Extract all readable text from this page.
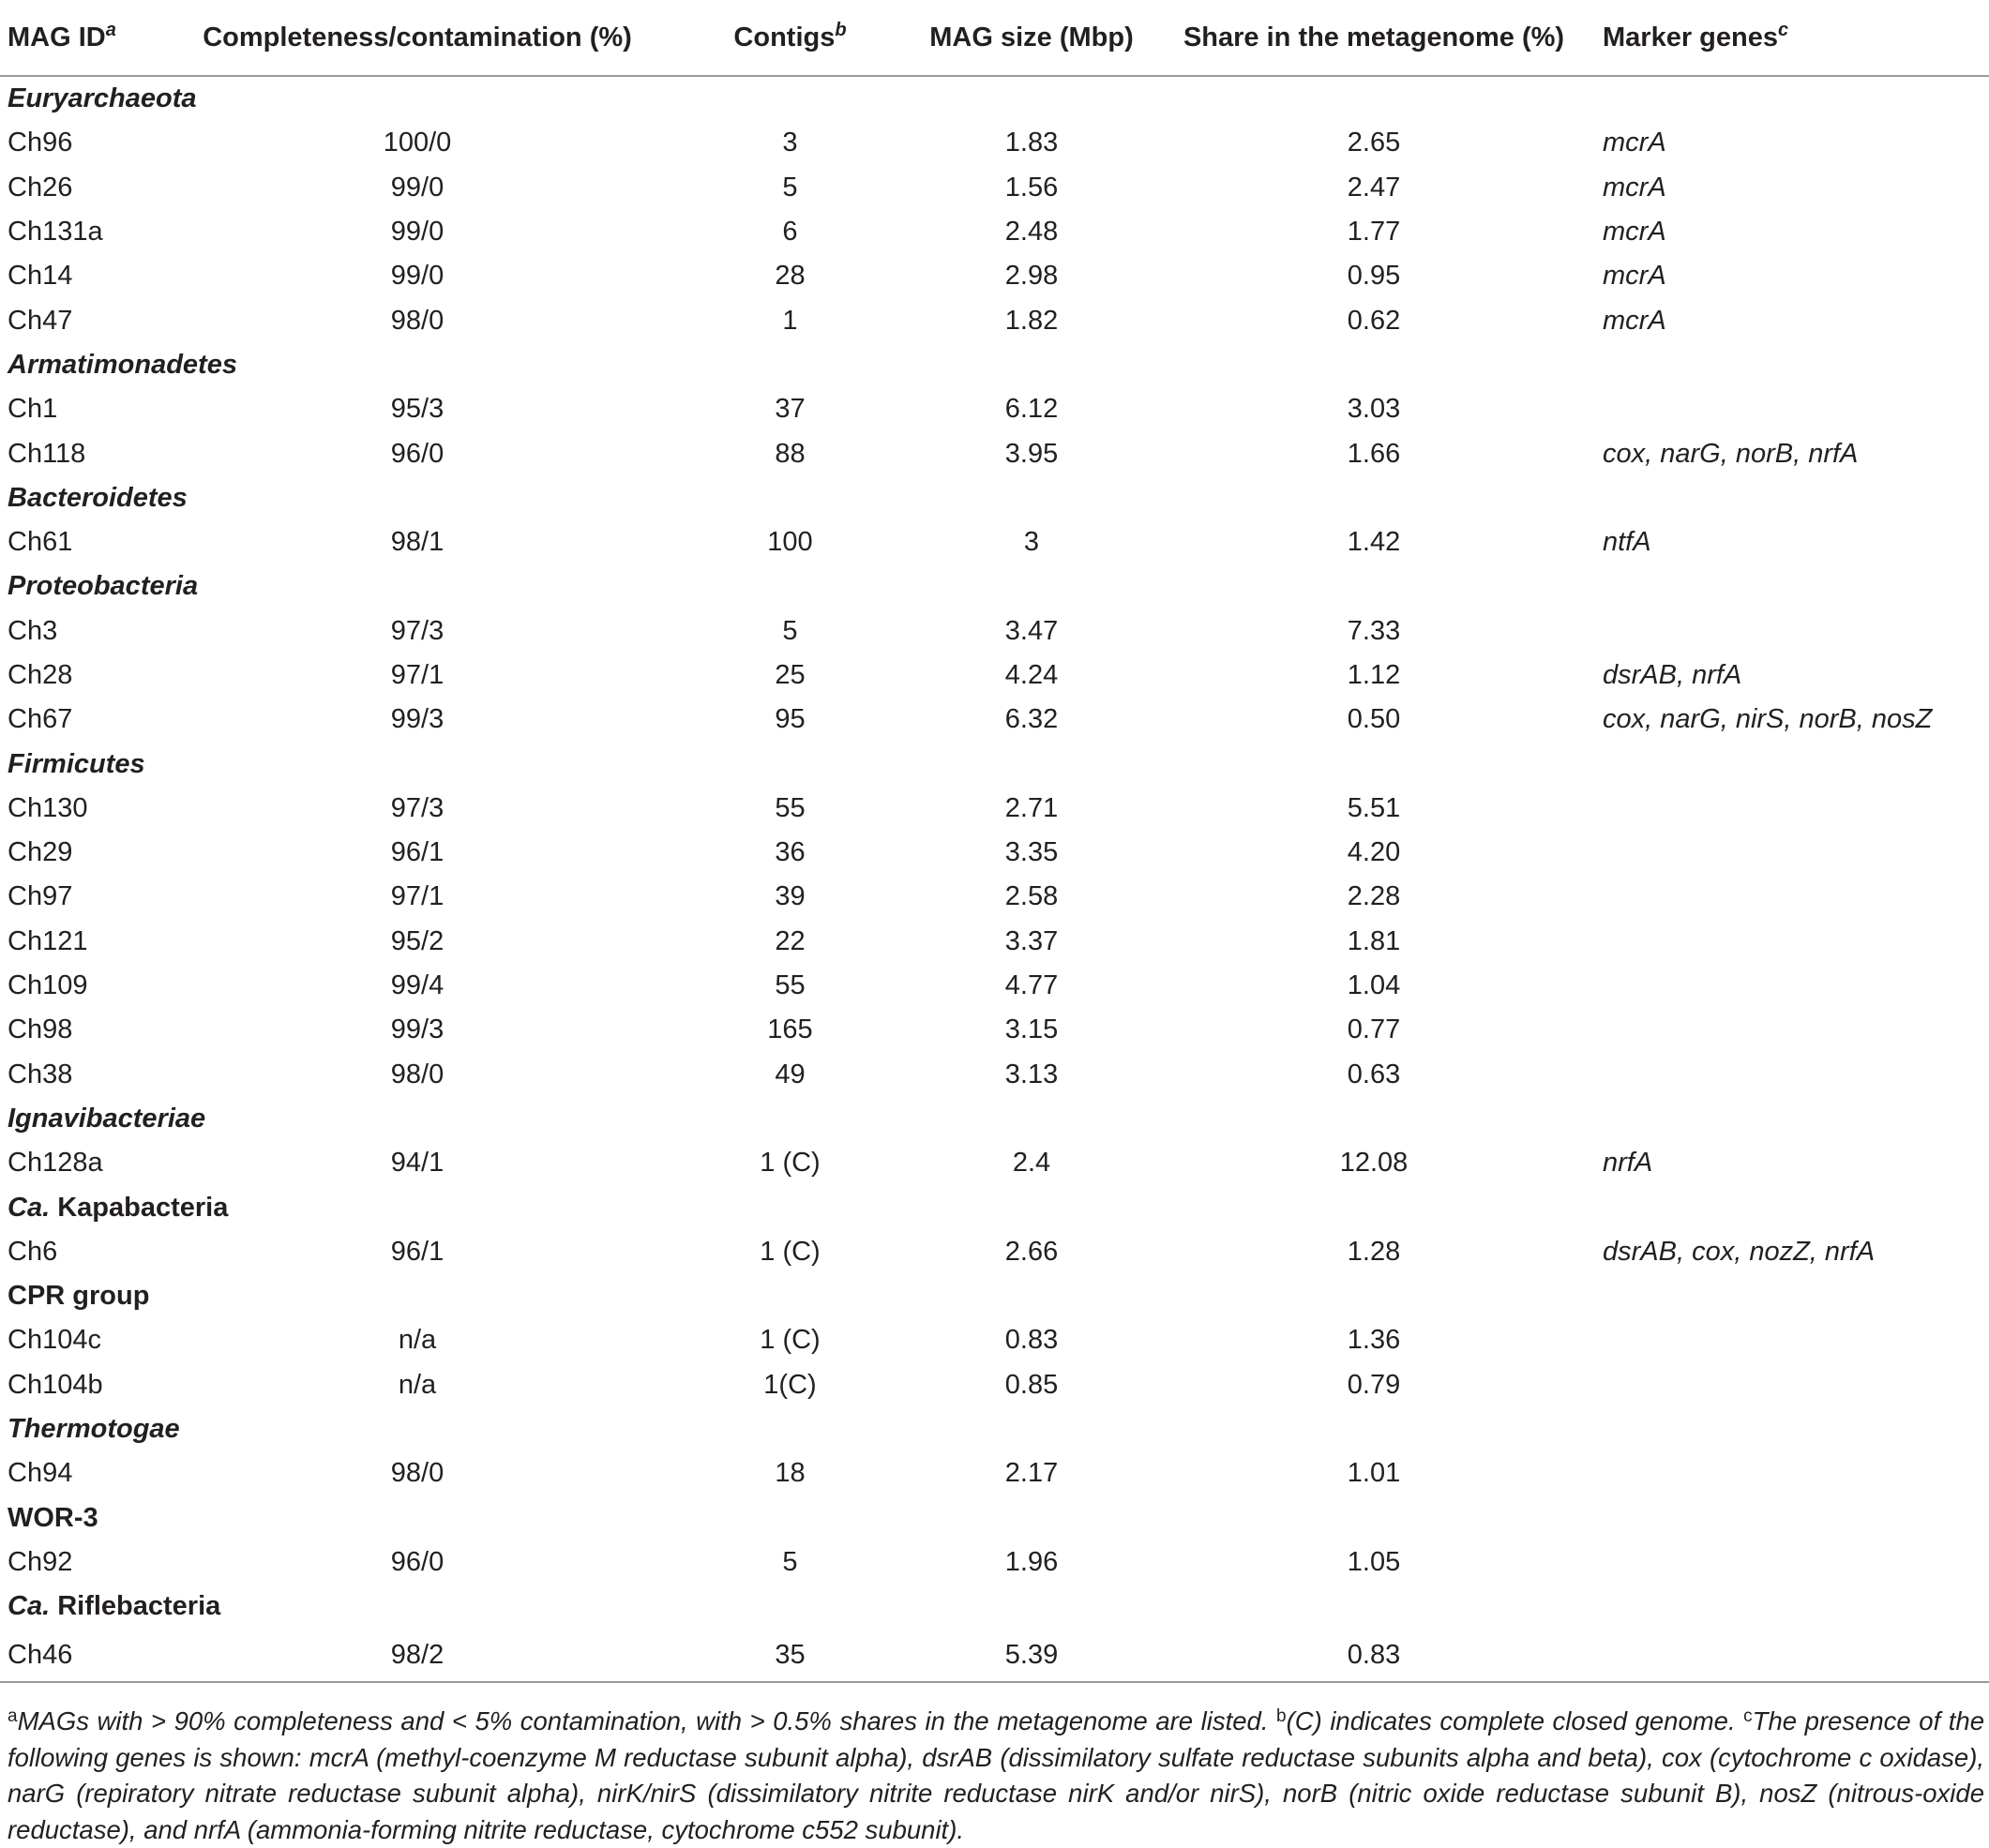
MAG $ID^a$	Completeness/contamination (%)	Contigs$^b$	MAG size (Mbp)	Share in the metagenome (%)	Marker genes$^c$
Euryarchaeota					
Ch96	100/0	3	1.83	2.65	mcrA
Ch26	99/0	5	1.56	2.47	mcrA
Ch131a	99/0	6	2.48	1.77	mcrA
Ch14	99/0	28	2.98	0.95	mcrA
Ch47	98/0	1	1.82	0.62	mcrA
Armatimonadetes					
Ch1	95/3	37	6.12	3.03	
Ch118	96/0	88	3.95	1.66	cox, narG, norB, nrfA
Bacteroidetes					
Ch61	98/1	100	3	1.42	ntfA
Proteobacteria					
Ch3	97/3	5	3.47	7.33	
Ch28	97/1	25	4.24	1.12	dsrAB, nrfA
Ch67	99/3	95	6.32	0.50	cox, narG, nirS, norB, nosZ
Firmicutes					
Ch130	97/3	55	2.71	5.51	
Ch29	96/1	36	3.35	4.20	
Ch97	97/1	39	2.58	2.28	
Ch121	95/2	22	3.37	1.81	
Ch109	99/4	55	4.77	1.04	
Ch98	99/3	165	3.15	0.77	
Ch38	98/0	49	3.13	0.63	
Ignavibacteriae					
Ch128a	94/1	1 (C)	2.4	12.08	nrfA
Ca. Kapabacteria					
Ch6	96/1	1 (C)	2.66	1.28	dsrAB, cox, nozZ, nrfA
CPR group					
Ch104c	n/a	1 (C)	0.83	1.36	
Ch104b	n/a	1(C)	0.85	0.79	
Thermotogae					
Ch94	98/0	18	2.17	1.01	
WOR-3					
Ch92	96/0	5	1.96	1.05	
Ca. Riflebacteria					
Ch46	98/2	35	5.39	0.83	
$^a$MAGs with > 90% completeness and < 5% contamination, with > 0.5% shares in the metagenome are listed. $^b$(C) indicates complete closed genome. $^c$The presence of the following genes is shown: mcrA (methyl-coenzyme M reductase subunit alpha), dsrAB (dissimilatory sulfate reductase subunits alpha and beta), cox (cytochrome c oxidase), narG (repiratory nitrate reductase subunit alpha), nirK/nirS (dissimilatory nitrite reductase nirK and/or nirS), norB (nitric oxide reductase subunit B), nosZ (nitrous-oxide reductase), and nrfA (ammonia-forming nitrite reductase, cytochrome c552 subunit).
